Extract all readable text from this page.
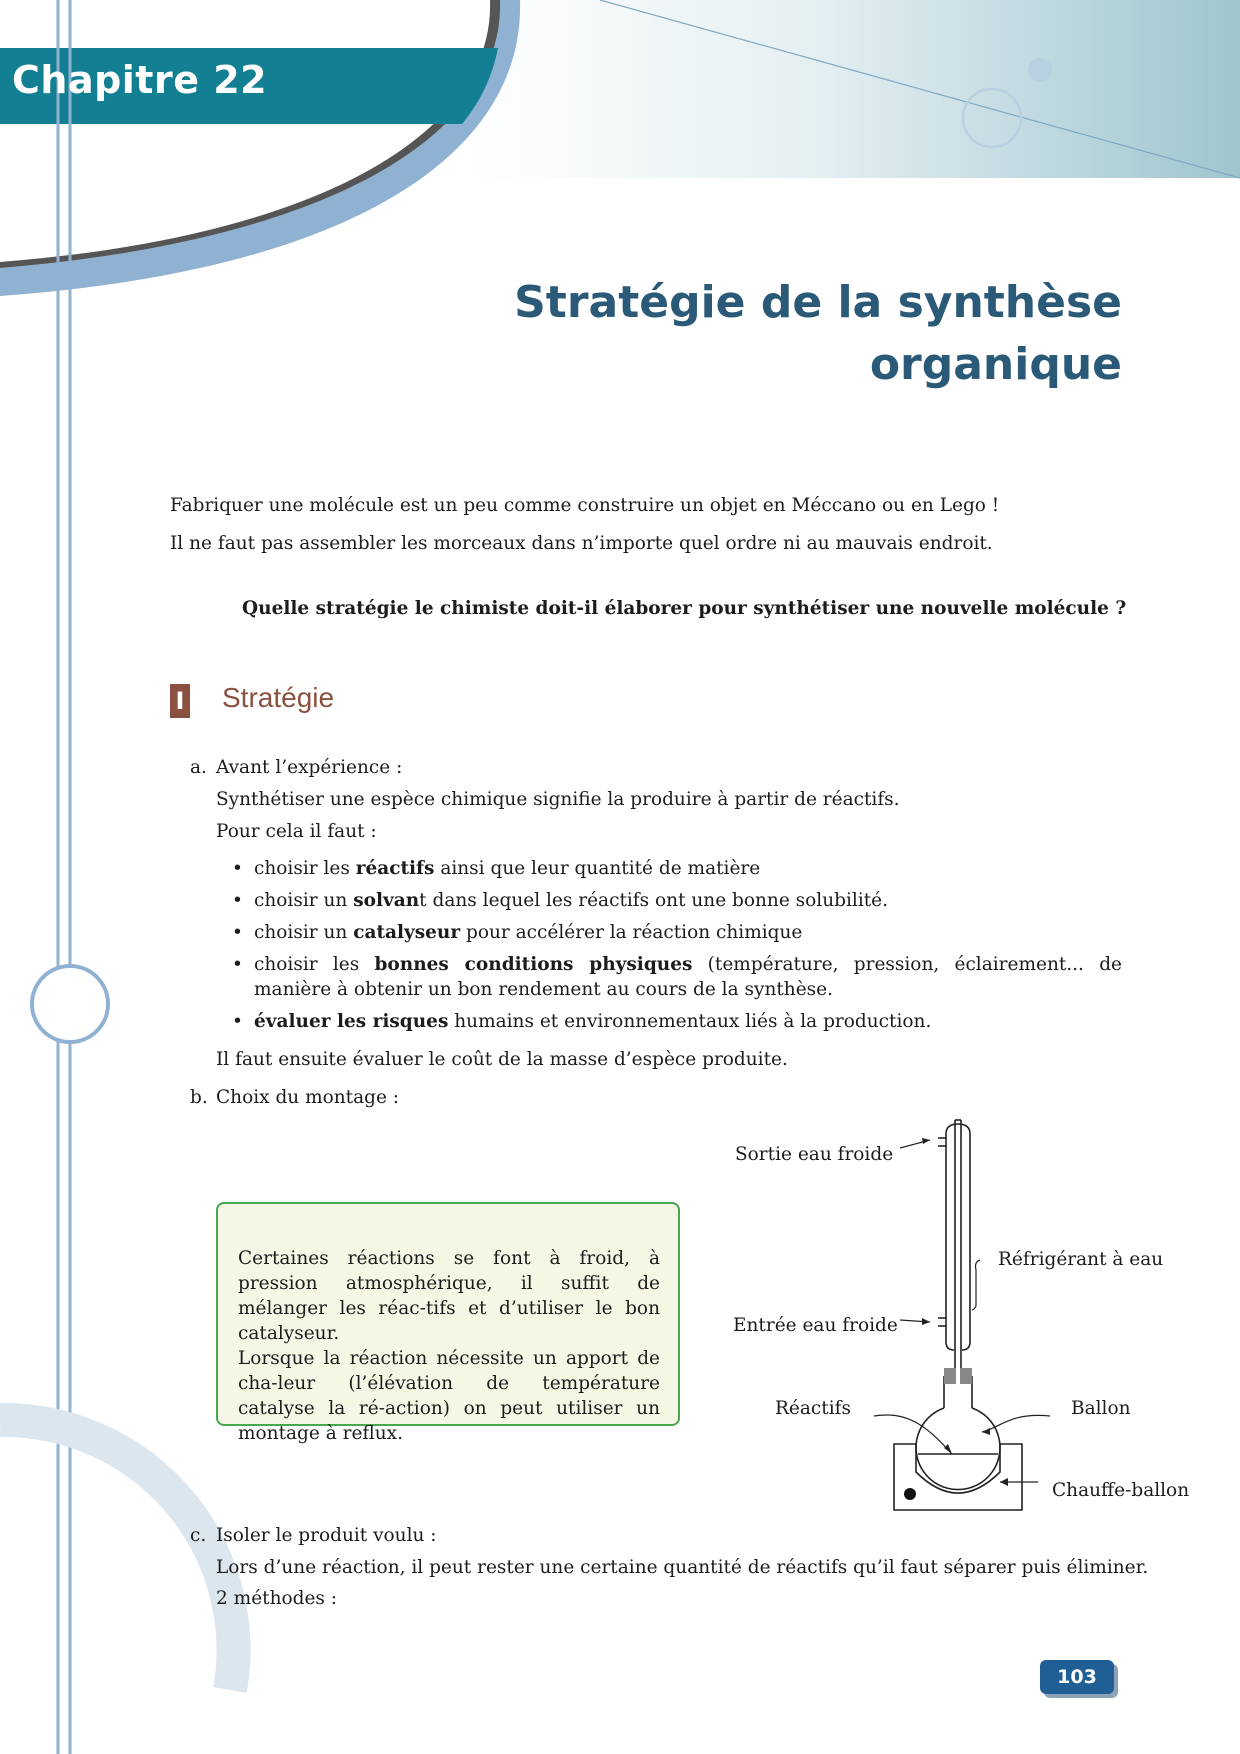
Chapitre 22
Stratégie de la synthèse
organique
Fabriquer une molécule est un peu comme construire un objet en Méccano ou en Lego !
Il ne faut pas assembler les morceaux dans n’importe quel ordre ni au mauvais endroit.
Quelle stratégie le chimiste doit-il élaborer pour synthétiser une nouvelle molécule ?
I Stratégie
a. Avant l’expérience :
Synthétiser une espèce chimique signifie la produire à partir de réactifs.
Pour cela il faut :
• choisir les réactifs ainsi que leur quantité de matière
• choisir un solvant dans lequel les réactifs ont une bonne solubilité.
• choisir un catalyseur pour accélérer la réaction chimique
• choisir les bonnes conditions physiques (température, pression, éclairement... de manière à obtenir un bon rendement au cours de la synthèse.
• évaluer les risques humains et environnementaux liés à la production.
Il faut ensuite évaluer le coût de la masse d’espèce produite.
b. Choix du montage :
Certaines réactions se font à froid, à pression atmosphérique, il suffit de mélanger les réac-tifs et d’utiliser le bon catalyseur.
Lorsque la réaction nécessite un apport de cha-leur (l’élévation de température catalyse la ré-action) on peut utiliser un montage à reflux.
Sortie eau froide
Réfrigérant à eau
Entrée eau froide
Réactifs	Ballon
Chauffe-ballon
c. Isoler le produit voulu :
Lors d’une réaction, il peut rester une certaine quantité de réactifs qu’il faut séparer puis éliminer.
2 méthodes :
103
